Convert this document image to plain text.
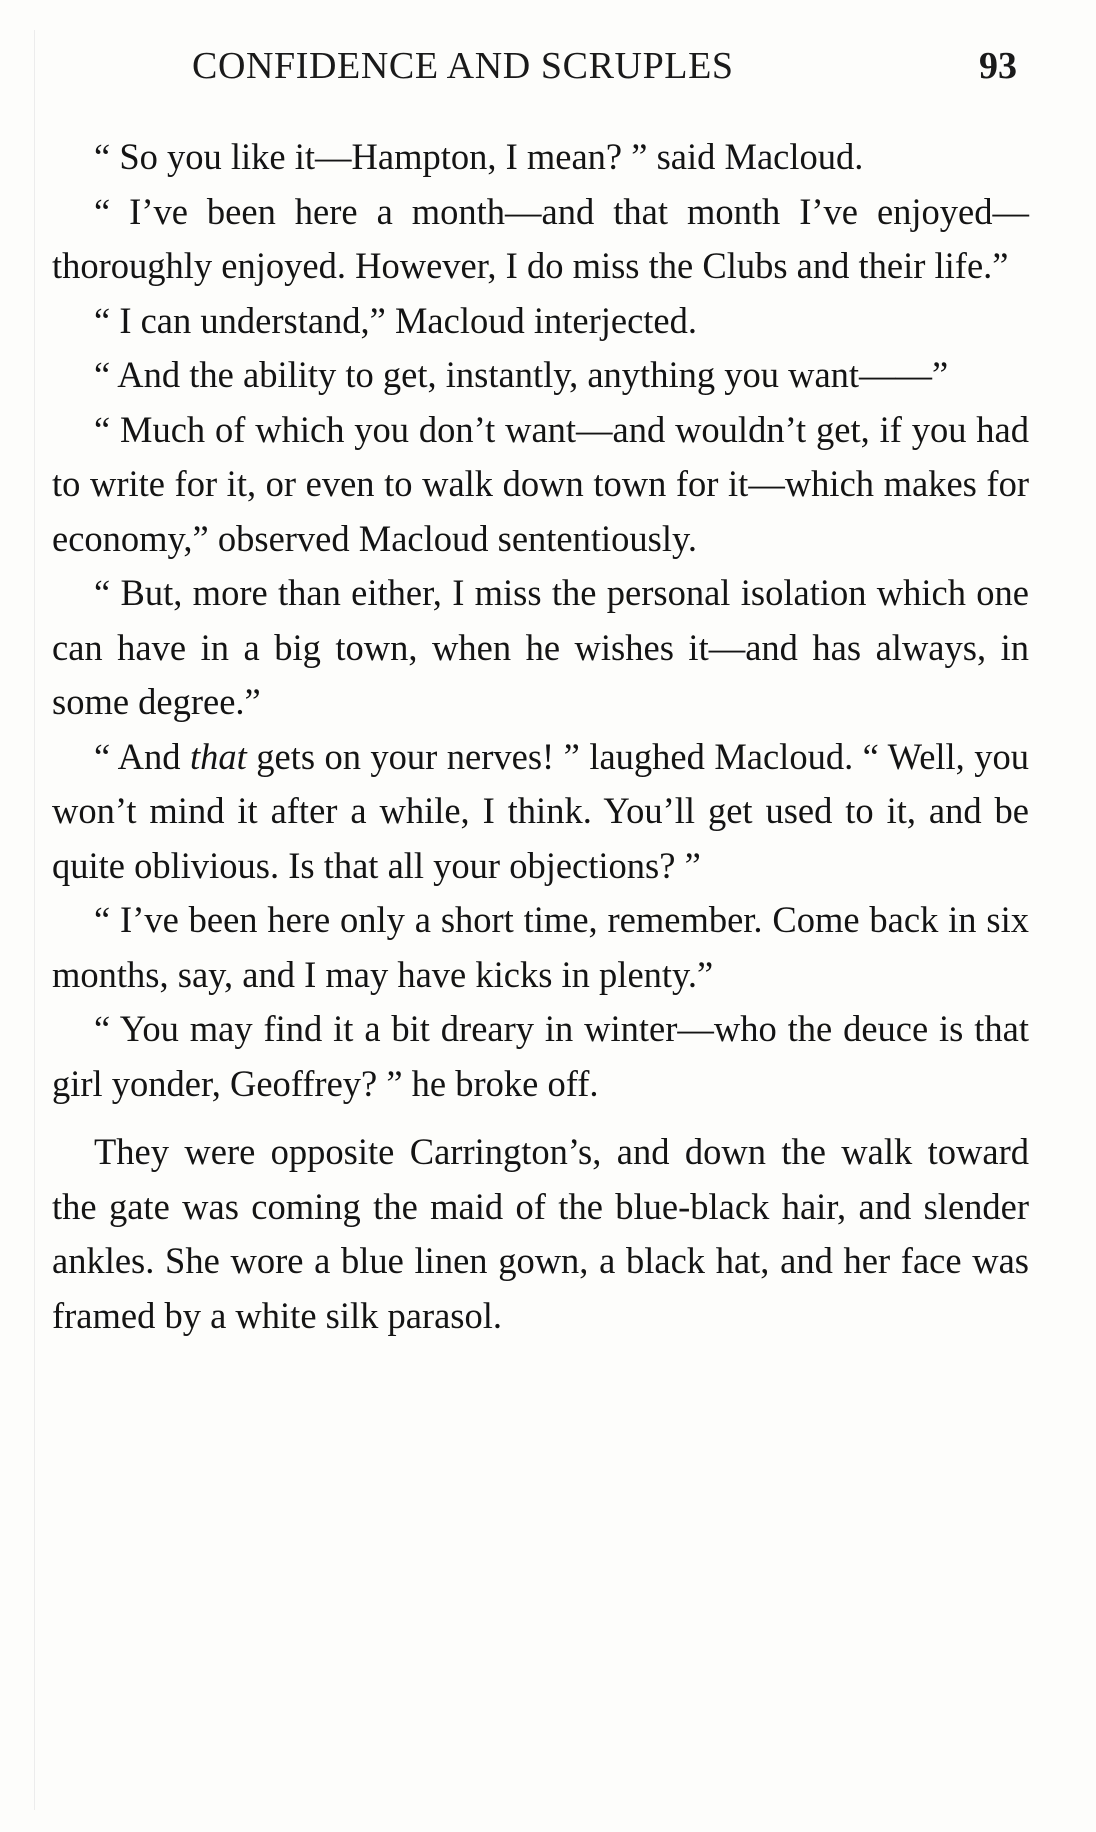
CONFIDENCE AND SCRUPLES	93

“ So you like it—Hampton, I mean? ” said Macloud.

“ I’ve been here a month—and that month I’ve enjoyed—thoroughly enjoyed. However, I do miss the Clubs and their life.”

“ I can understand,” Macloud interjected.

“ And the ability to get, instantly, anything you want——”

“ Much of which you don’t want—and wouldn’t get, if you had to write for it, or even to walk down town for it—which makes for economy,” observed Macloud sententiously.

“ But, more than either, I miss the personal isolation which one can have in a big town, when he wishes it—and has always, in some degree.”

“ And that gets on your nerves! ” laughed Macloud. “ Well, you won’t mind it after a while, I think. You’ll get used to it, and be quite oblivious. Is that all your objections? ”

“ I’ve been here only a short time, remember. Come back in six months, say, and I may have kicks in plenty.”

“ You may find it a bit dreary in winter—who the deuce is that girl yonder, Geoffrey? ” he broke off.

They were opposite Carrington’s, and down the walk toward the gate was coming the maid of the blue-black hair, and slender ankles. She wore a blue linen gown, a black hat, and her face was framed by a white silk parasol.
